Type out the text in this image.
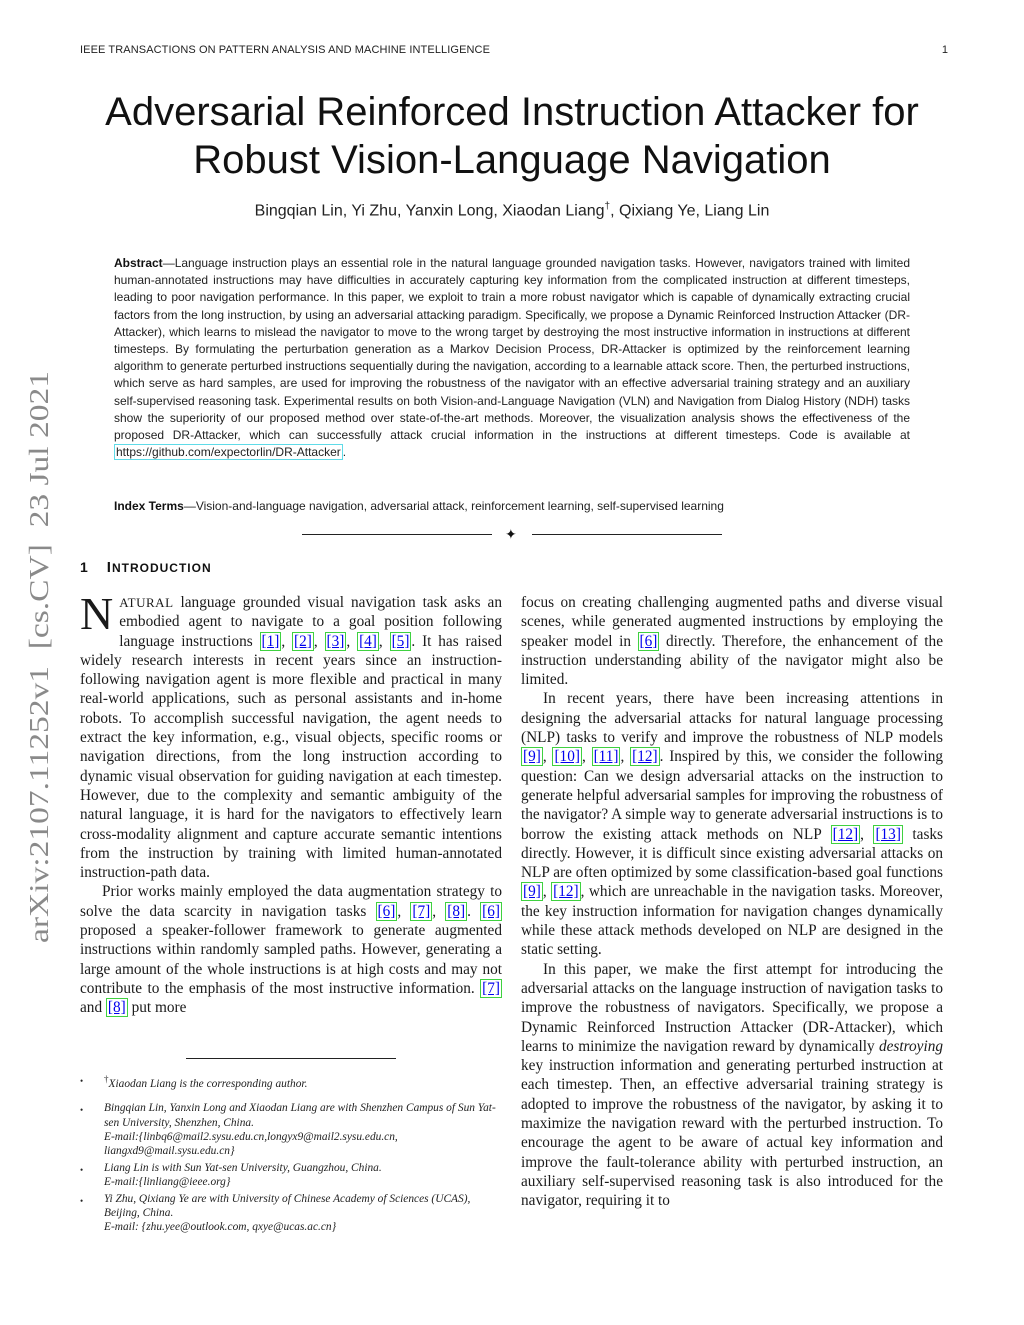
IEEE TRANSACTIONS ON PATTERN ANALYSIS AND MACHINE INTELLIGENCE	1
arXiv:2107.11252v1  [cs.CV]  23 Jul 2021
Adversarial Reinforced Instruction Attacker for
Robust Vision-Language Navigation
Bingqian Lin, Yi Zhu, Yanxin Long, Xiaodan Liang†, Qixiang Ye, Liang Lin
Abstract—Language instruction plays an essential role in the natural language grounded navigation tasks. However, navigators trained with limited human-annotated instructions may have difficulties in accurately capturing key information from the complicated instruction at different timesteps, leading to poor navigation performance. In this paper, we exploit to train a more robust navigator which is capable of dynamically extracting crucial factors from the long instruction, by using an adversarial attacking paradigm. Specifically, we propose a Dynamic Reinforced Instruction Attacker (DR-Attacker), which learns to mislead the navigator to move to the wrong target by destroying the most instructive information in instructions at different timesteps. By formulating the perturbation generation as a Markov Decision Process, DR-Attacker is optimized by the reinforcement learning algorithm to generate perturbed instructions sequentially during the navigation, according to a learnable attack score. Then, the perturbed instructions, which serve as hard samples, are used for improving the robustness of the navigator with an effective adversarial training strategy and an auxiliary self-supervised reasoning task. Experimental results on both Vision-and-Language Navigation (VLN) and Navigation from Dialog History (NDH) tasks show the superiority of our proposed method over state-of-the-art methods. Moreover, the visualization analysis shows the effectiveness of the proposed DR-Attacker, which can successfully attack crucial information in the instructions at different timesteps. Code is available at https://github.com/expectorlin/DR-Attacker .
Index Terms—Vision-and-language navigation, adversarial attack, reinforcement learning, self-supervised learning
✦
1 INTRODUCTION

NATURAL language grounded visual navigation task asks an embodied agent to navigate to a goal position following language instructions [1] , [2] , [3] , [4] , [5] . It has raised widely research interests in recent years since an instruction-following navigation agent is more flexible and practical in many real-world applications, such as personal assistants and in-home robots. To accomplish successful navigation, the agent needs to extract the key information, e.g., visual objects, specific rooms or navigation directions, from the long instruction according to dynamic visual observation for guiding navigation at each timestep. However, due to the complexity and semantic ambiguity of the natural language, it is hard for the navigators to effectively learn cross-modality alignment and capture accurate semantic intentions from the instruction by training with limited human-annotated instruction-path data.

Prior works mainly employed the data augmentation strategy to solve the data scarcity in navigation tasks [6] , [7] , [8] . [6] proposed a speaker-follower framework to generate augmented instructions within randomly sampled paths. However, generating a large amount of the whole instructions is at high costs and may not contribute to the emphasis of the most instructive information. [7] and [8] put more

focus on creating challenging augmented paths and diverse visual scenes, while generated augmented instructions by employing the speaker model in [6] directly. Therefore, the enhancement of the instruction understanding ability of the navigator might also be limited.

In recent years, there have been increasing attentions in designing the adversarial attacks for natural language processing (NLP) tasks to verify and improve the robustness of NLP models [9] , [10] , [11] , [12] . Inspired by this, we consider the following question: Can we design adversarial attacks on the instruction to generate helpful adversarial samples for improving the robustness of the navigator? A simple way to generate adversarial instructions is to borrow the existing attack methods on NLP [12] , [13] tasks directly. However, it is difficult since existing adversarial attacks on NLP are often optimized by some classification-based goal functions [9] , [12] , which are unreachable in the navigation tasks. Moreover, the key instruction information for navigation changes dynamically while these attack methods developed on NLP are designed in the static setting.

In this paper, we make the first attempt for introducing the adversarial attacks on the language instruction of navigation tasks to improve the robustness of navigators. Specifically, we propose a Dynamic Reinforced Instruction Attacker (DR-Attacker), which learns to minimize the navigation reward by dynamically destroying key instruction information and generating perturbed instruction at each timestep. Then, an effective adversarial training strategy is adopted to improve the robustness of the navigator, by asking it to maximize the navigation reward with the perturbed instruction. To encourage the agent to be aware of actual key information and improve the fault-tolerance ability with perturbed instruction, an auxiliary self-supervised reasoning task is also introduced for the navigator, requiring it to

• †Xiaodan Liang is the corresponding author.
• Bingqian Lin, Yanxin Long and Xiaodan Liang are with Shenzhen Campus of Sun Yat-sen University, Shenzhen, China.
E-mail:{linbq6@mail2.sysu.edu.cn,longyx9@mail2.sysu.edu.cn, liangxd9@mail.sysu.edu.cn}
• Liang Lin is with Sun Yat-sen University, Guangzhou, China.
E-mail:{linliang@ieee.org}
• Yi Zhu, Qixiang Ye are with University of Chinese Academy of Sciences (UCAS), Beijing, China.
E-mail: {zhu.yee@outlook.com, qxye@ucas.ac.cn}
